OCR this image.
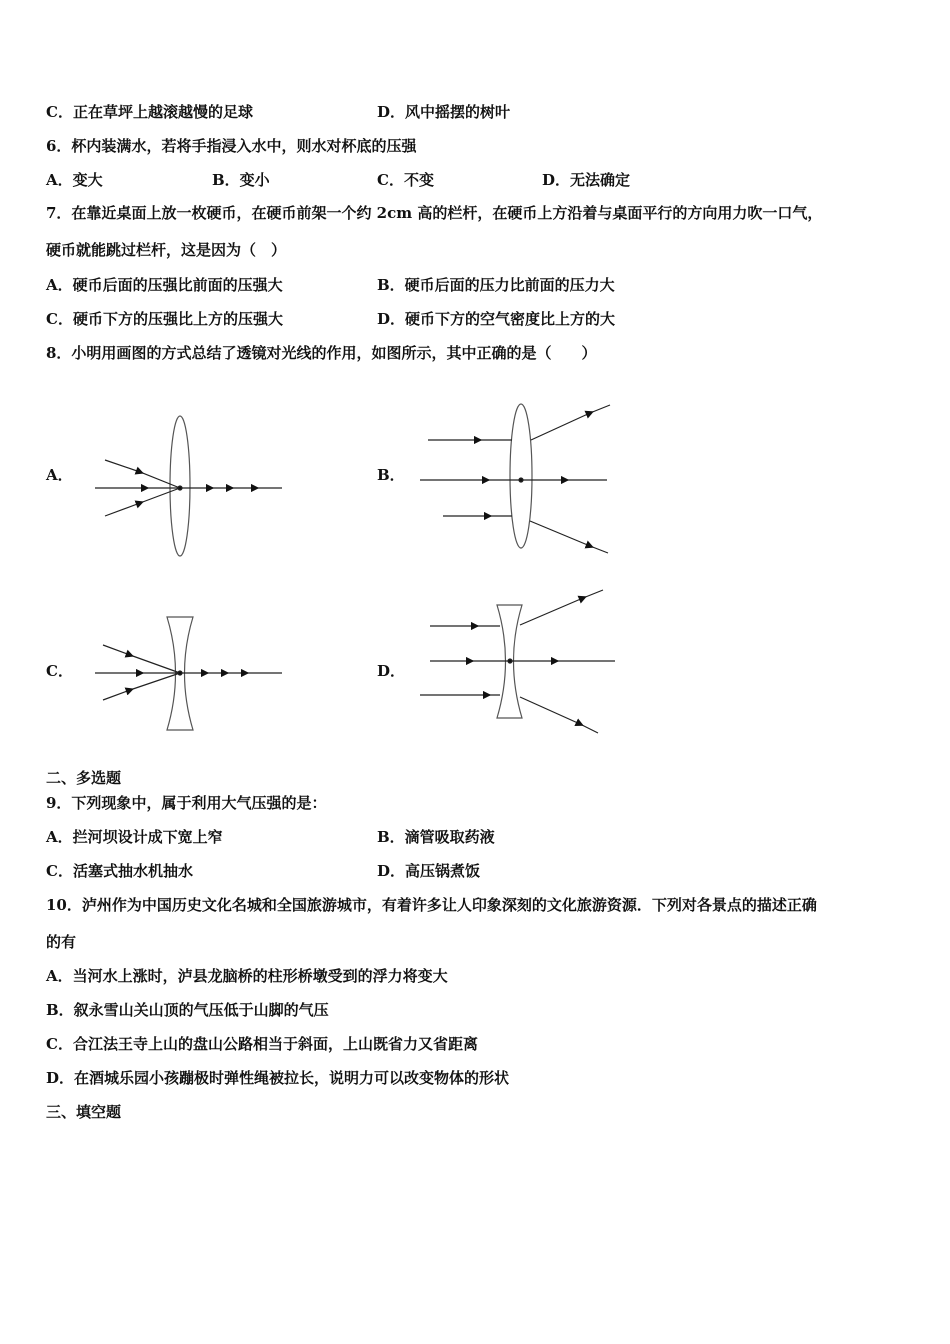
C．正在草坪上越滚越慢的足球	D．风中摇摆的树叶
6．杯内装满水，若将手指浸入水中，则水对杯底的压强
A．变大	B．变小	C．不变	D．无法确定
7．在靠近桌面上放一枚硬币，在硬币前架一个约 2cm 高的栏杆，在硬币上方沿着与桌面平行的方向用力吹一口气，
硬币就能跳过栏杆，这是因为（　）
A．硬币后面的压强比前面的压强大	B．硬币后面的压力比前面的压力大
C．硬币下方的压强比上方的压强大	D．硬币下方的空气密度比上方的大
8．小明用画图的方式总结了透镜对光线的作用，如图所示，其中正确的是（　　）
A．	B．
C．	D．
二、多选题
9．下列现象中，属于利用大气压强的是：
A．拦河坝设计成下宽上窄	B．滴管吸取药液
C．活塞式抽水机抽水	D．高压锅煮饭
10．泸州作为中国历史文化名城和全国旅游城市，有着许多让人印象深刻的文化旅游资源．下列对各景点的描述正确
的有
A．当河水上涨时，泸县龙脑桥的柱形桥墩受到的浮力将变大
B．叙永雪山关山顶的气压低于山脚的气压
C．合江法王寺上山的盘山公路相当于斜面，上山既省力又省距离
D．在酒城乐园小孩蹦极时弹性绳被拉长，说明力可以改变物体的形状
三、填空题
